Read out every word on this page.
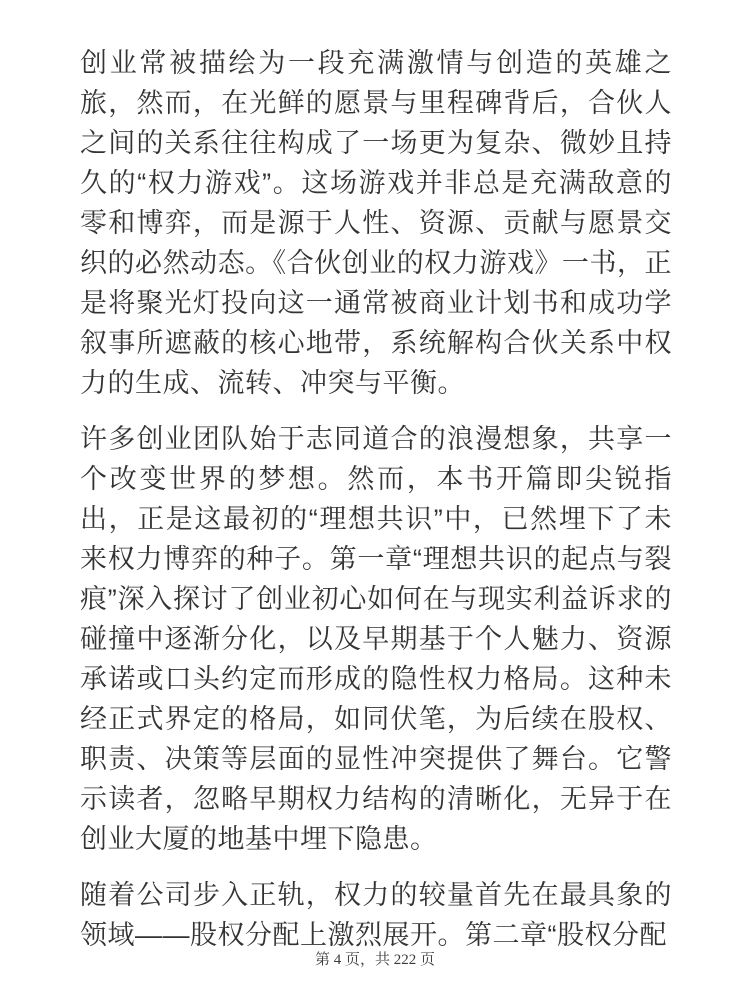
创业常被描绘为一段充满激情与创造的英雄之旅，然而，在光鲜的愿景与里程碑背后，合伙人之间的关系往往构成了一场更为复杂、微妙且持久的“权力游戏”。这场游戏并非总是充满敌意的零和博弈，而是源于人性、资源、贡献与愿景交织的必然动态。《合伙创业的权力游戏》一书，正是将聚光灯投向这一通常被商业计划书和成功学叙事所遮蔽的核心地带，系统解构合伙关系中权力的生成、流转、冲突与平衡。

许多创业团队始于志同道合的浪漫想象，共享一个改变世界的梦想。然而，本书开篇即尖锐指出，正是这最初的“理想共识”中，已然埋下了未来权力博弈的种子。第一章“理想共识的起点与裂痕”深入探讨了创业初心如何在与现实利益诉求的碰撞中逐渐分化，以及早期基于个人魅力、资源承诺或口头约定而形成的隐性权力格局。这种未经正式界定的格局，如同伏笔，为后续在股权、职责、决策等层面的显性冲突提供了舞台。它警示读者，忽略早期权力结构的清晰化，无异于在创业大厦的地基中埋下隐患。

随着公司步入正轨，权力的较量首先在最具象的领域——股权分配上激烈展开。第二章“股权分配

第 4 页，共 222 页
